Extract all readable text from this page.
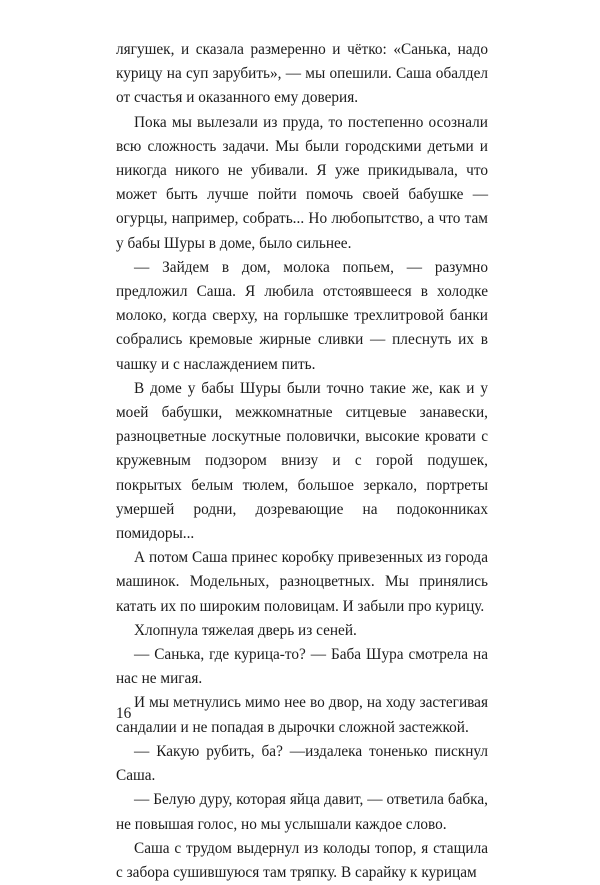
лягушек, и сказала размеренно и чётко: «Санька, надо курицу на суп зарубить», — мы опешили. Саша обалдел от счастья и оказанного ему доверия.

Пока мы вылезали из пруда, то постепенно осознали всю сложность задачи. Мы были городскими детьми и никогда никого не убивали. Я уже прикидывала, что может быть лучше пойти помочь своей бабушке — огурцы, например, собрать... Но любопытство, а что там у бабы Шуры в доме, было сильнее.

— Зайдем в дом, молока попьем, — разумно предложил Саша. Я любила отстоявшееся в холодке молоко, когда сверху, на горлышке трехлитровой банки собрались кремовые жирные сливки — плеснуть их в чашку и с наслаждением пить.

В доме у бабы Шуры были точно такие же, как и у моей бабушки, межкомнатные ситцевые занавески, разноцветные лоскутные половички, высокие кровати с кружевным подзором внизу и с горой подушек, покрытых белым тюлем, большое зеркало, портреты умершей родни, дозревающие на подоконниках помидоры...

А потом Саша принес коробку привезенных из города машинок. Модельных, разноцветных. Мы принялись катать их по широким половицам. И забыли про курицу.

Хлопнула тяжелая дверь из сеней.

— Санька, где курица-то? — Баба Шура смотрела на нас не мигая.

И мы метнулись мимо нее во двор, на ходу застегивая сандалии и не попадая в дырочки сложной застежкой.

— Какую рубить, ба? —издалека тоненько пискнул Саша.

— Белую дуру, которая яйца давит, — ответила бабка, не повышая голос, но мы услышали каждое слово.

Саша с трудом выдернул из колоды топор, я стащила с забора сушившуюся там тряпку. В сарайку к курицам

16
